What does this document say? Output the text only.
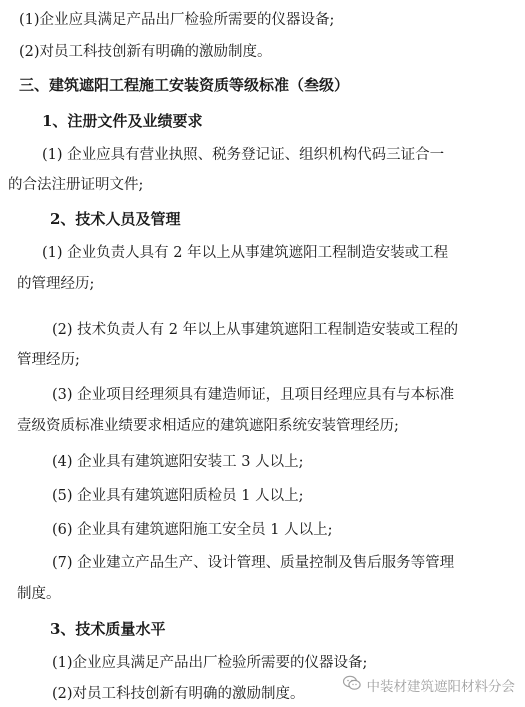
(1)企业应具满足产品出厂检验所需要的仪器设备;
(2)对员工科技创新有明确的激励制度。
三、建筑遮阳工程施工安装资质等级标准（叁级）
1、注册文件及业绩要求
(1) 企业应具有营业执照、税务登记证、组织机构代码三证合一
的合法注册证明文件;
2、技术人员及管理
(1) 企业负责人具有 2 年以上从事建筑遮阳工程制造安装或工程
的管理经历;
(2) 技术负责人有 2 年以上从事建筑遮阳工程制造安装或工程的
管理经历;
(3) 企业项目经理须具有建造师证，且项目经理应具有与本标准
壹级资质标准业绩要求相适应的建筑遮阳系统安装管理经历;
(4) 企业具有建筑遮阳安装工 3 人以上;
(5) 企业具有建筑遮阳质检员 1 人以上;
(6) 企业具有建筑遮阳施工安全员 1 人以上;
(7) 企业建立产品生产、设计管理、质量控制及售后服务等管理
制度。
3、技术质量水平
(1)企业应具满足产品出厂检验所需要的仪器设备;
(2)对员工科技创新有明确的激励制度。	中装材建筑遮阳材料分会
